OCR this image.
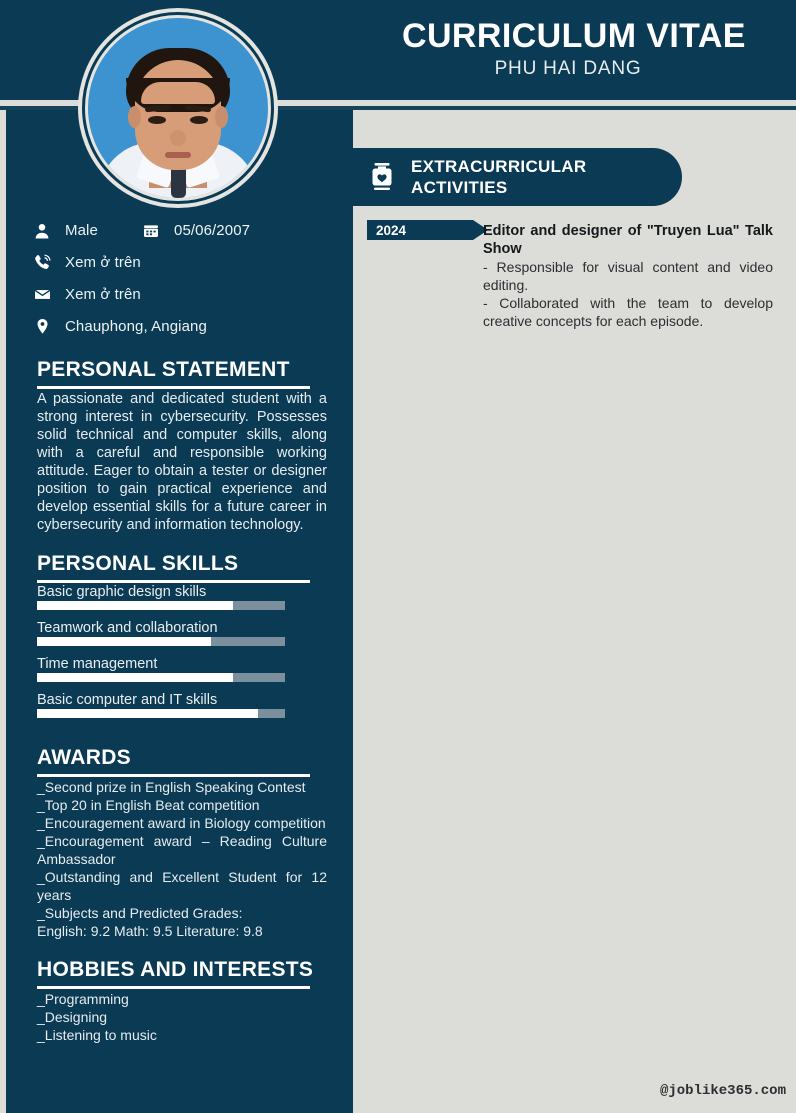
CURRICULUM VITAE
PHU HAI DANG
Male	05/06/2007
Xem ở trên
Xem ở trên
Chauphong, Angiang
PERSONAL STATEMENT
A passionate and dedicated student with a strong interest in cybersecurity. Possesses solid technical and computer skills, along with a careful and responsible working attitude. Eager to obtain a tester or designer position to gain practical experience and develop essential skills for a future career in cybersecurity and information technology.
PERSONAL SKILLS
Basic graphic design skills
Teamwork and collaboration
Time management
Basic computer and IT skills
AWARDS
_Second prize in English Speaking Contest
_Top 20 in English Beat competition
_Encouragement award in Biology competition
_Encouragement award – Reading Culture Ambassador
_Outstanding and Excellent Student for 12 years
_Subjects and Predicted Grades:
English: 9.2 Math: 9.5 Literature: 9.8
HOBBIES AND INTERESTS
_Programming
_Designing
_Listening to music
EXTRACURRICULAR ACTIVITIES
2024	Editor and designer of "Truyen Lua" Talk Show
- Responsible for visual content and video editing.
- Collaborated with the team to develop creative concepts for each episode.
@joblike365.com
